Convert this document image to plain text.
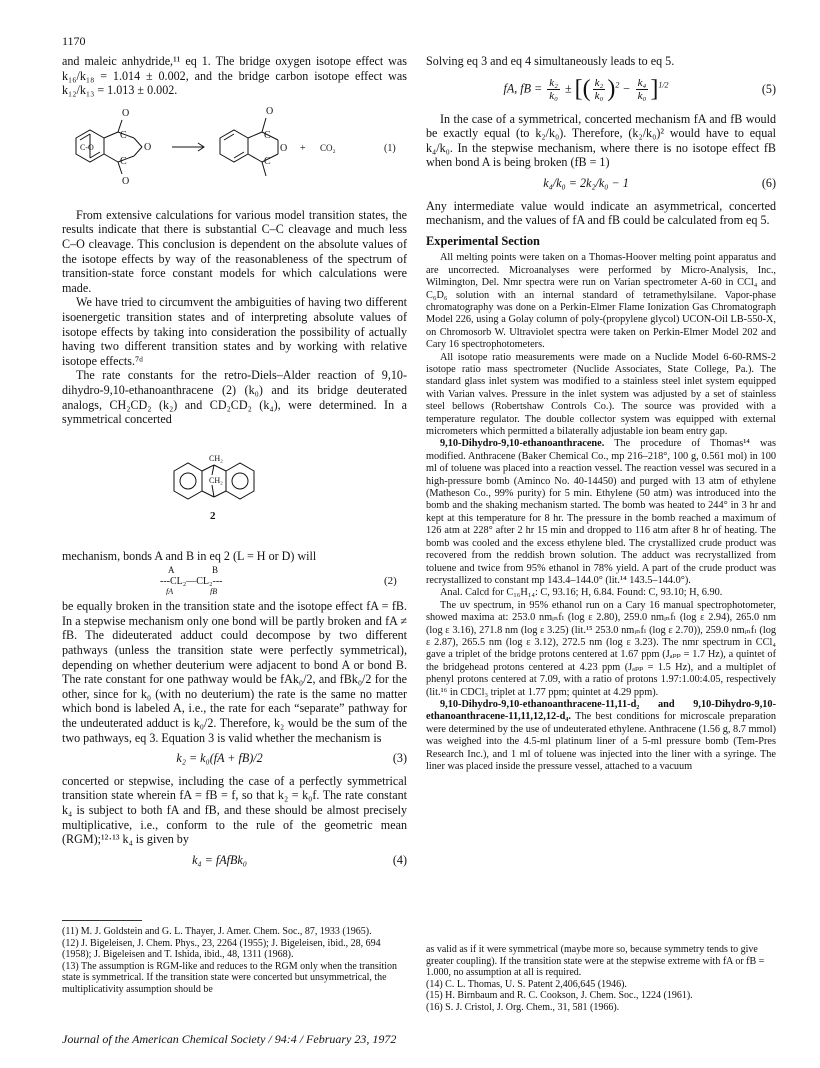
1170

and maleic anhydride,¹¹ eq 1. The bridge oxygen isotope effect was k₁₆/k₁₈ = 1.014 ± 0.002, and the bridge carbon isotope effect was k₁₂/k₁₃ = 1.013 ± 0.002.

O
C
O
C
C-O
O
C
O
C
O + CO₂	(1)

From extensive calculations for various model transition states, the results indicate that there is substantial C–C cleavage and much less C–O cleavage. This conclusion is dependent on the absolute values of the isotope effects by way of the reasonableness of the spectrum of transition-state force constant models for which calculations were made.

We have tried to circumvent the ambiguities of having two different isoenergetic transition states and of interpreting absolute values of isotope effects by taking into consideration the possibility of actually having two different transition states and by working with relative isotope effects.⁷ᵈ

The rate constants for the retro-Diels–Alder reaction of 9,10-dihydro-9,10-ethanoanthracene (2) (k₀) and its bridge deuterated analogs, CH₂CD₂ (k₂) and CD₂CD₂ (k₄), were determined. In a symmetrical concerted

CH₂
CH₂
2

mechanism, bonds A and B in eq 2 (L = H or D) will

A	B
---CL₂—CL₂---
fA	fB
(2)

be equally broken in the transition state and the isotope effect fA = fB. In a stepwise mechanism only one bond will be partly broken and fA ≠ fB. The dideuterated adduct could decompose by two different pathways (unless the transition state were perfectly symmetrical), depending on whether deuterium were adjacent to bond A or bond B. The rate constant for one pathway would be fAk₀/2, and fBk₀/2 for the other, since for k₀ (with no deuterium) the rate is the same no matter which bond is labeled A, i.e., the rate for each “separate” pathway for the undeuterated adduct is k₀/2. Therefore, k₂ would be the sum of the two pathways, eq 3. Equation 3 is valid whether the mechanism is

k₂ = k₀(fA + fB)/2	(3)

concerted or stepwise, including the case of a perfectly symmetrical transition state wherein fA = fB = f, so that k₂ = k₀f. The rate constant k₄ is subject to both fA and fB, and these should be almost precisely multiplicative, i.e., conform to the rule of the geometric mean (RGM);¹²·¹³ k₄ is given by

k₄ = fAfBk₀	(4)

(11) M. J. Goldstein and G. L. Thayer, J. Amer. Chem. Soc., 87, 1933 (1965).

(12) J. Bigeleisen, J. Chem. Phys., 23, 2264 (1955); J. Bigeleisen, ibid., 28, 694 (1958); J. Bigeleisen and T. Ishida, ibid., 48, 1311 (1968).

(13) The assumption is RGM-like and reduces to the RGM only when the transition state is symmetrical. If the transition state were concerted but unsymmetrical, the multiplicativity assumption should be

Solving eq 3 and eq 4 simultaneously leads to eq 5.

fA, fB = $\frac{\text{k₂}}{\text{k₀}}$ ± [( $\frac{\text{k₂}}{\text{k₀}} )^2 - \frac{\text{k₄}}{\text{k₀}} ]^{1/2}$	(5)

In the case of a symmetrical, concerted mechanism fA and fB would be exactly equal (to k₂/k₀). Therefore, (k₂/k₀)² would have to equal k₄/k₀. In the stepwise mechanism, where there is no isotope effect fB when bond A is being broken (fB = 1)

k₄/k₀ = 2k₂/k₀ − 1	(6)

Any intermediate value would indicate an asymmetrical, concerted mechanism, and the values of fA and fB could be calculated from eq 5.

Experimental Section

All melting points were taken on a Thomas-Hoover melting point apparatus and are uncorrected. Microanalyses were performed by Micro-Analysis, Inc., Wilmington, Del. Nmr spectra were run on Varian spectrometer A-60 in CCl₄ and C₆D₆ solution with an internal standard of tetramethylsilane. Vapor-phase chromatography was done on a Perkin-Elmer Flame Ionization Gas Chromatograph Model 226, using a Golay column of poly-(propylene glycol) UCON-Oil LB-550-X, on Chromosorb W. Ultraviolet spectra were taken on Perkin-Elmer Model 202 and Cary 16 spectrophotometers.

All isotope ratio measurements were made on a Nuclide Model 6-60-RMS-2 isotope ratio mass spectrometer (Nuclide Associates, State College, Pa.). The standard glass inlet system was modified to a stainless steel inlet system equipped with Varian valves. Pressure in the inlet system was adjusted by a set of stainless steel bellows (Robertshaw Controls Co.). The source was provided with a temperature regulator. The double collector system was equipped with external micrometers which permitted a bilaterally adjustable ion beam entry gap.

9,10-Dihydro-9,10-ethanoanthracene. The procedure of Thomas¹⁴ was modified. Anthracene (Baker Chemical Co., mp 216–218°, 100 g, 0.561 mol) in 100 ml of toluene was placed into a reaction vessel. The reaction vessel was secured in a high-pressure bomb (Aminco No. 40-14450) and purged with 13 atm of ethylene (Matheson Co., 99% purity) for 5 min. Ethylene (50 atm) was introduced into the bomb and the shaking mechanism started. The bomb was heated to 244° in 3 hr and kept at this temperature for 8 hr. The pressure in the bomb reached a maximum of 126 atm at 228° after 2 hr 15 min and dropped to 116 atm after 8 hr of heating. The bomb was cooled and the excess ethylene bled. The crystallized crude product was recovered from the reddish brown solution. The adduct was recrystallized from toluene and twice from 95% ethanol in 78% yield. A part of the crude product was recrystallized to constant mp 143.4–144.0° (lit.¹⁴ 143.5–144.0°).

Anal. Calcd for C₁₆H₁₄: C, 93.16; H, 6.84. Found: C, 93.10; H, 6.90.

The uv spectrum, in 95% ethanol run on a Cary 16 manual spectrophotometer, showed maxima at: 253.0 nmᵢₙfₗ (log ε 2.80), 259.0 nmᵢₙfₗ (log ε 2.94), 265.0 nm (log ε 3.16), 271.8 nm (log ε 3.25) (lit.¹⁵ 253.0 nmᵢₙfₗ (log ε 2.70)), 259.0 nmᵢₙfₗ (log ε 2.87), 265.5 nm (log ε 3.12), 272.5 nm (log ε 3.23). The nmr spectrum in CCl₄ gave a triplet of the bridge protons centered at 1.67 ppm (Jₐₚₚ = 1.7 Hz), a quintet of the bridgehead protons centered at 4.23 ppm (Jₐₚₚ = 1.5 Hz), and a multiplet of phenyl protons centered at 7.09, with a ratio of protons 1.97:1.00:4.05, respectively (lit.¹⁶ in CDCl₃ triplet at 1.77 ppm; quintet at 4.29 ppm).

9,10-Dihydro-9,10-ethanoanthracene-11,11-d₂ and 9,10-Dihydro-9,10-ethanoanthracene-11,11,12,12-d₄. The best conditions for microscale preparation were determined by the use of undeuterated ethylene. Anthracene (1.56 g, 8.7 mmol) was weighed into the 4.5-ml platinum liner of a 5-ml pressure bomb (Tem-Pres Research Inc.), and 1 ml of toluene was injected into the liner with a syringe. The liner was placed inside the pressure vessel, attached to a vacuum

as valid as if it were symmetrical (maybe more so, because symmetry tends to give greater coupling). If the transition state were at the stepwise extreme with fA or fB = 1.000, no assumption at all is required.

(14) C. L. Thomas, U. S. Patent 2,406,645 (1946).

(15) H. Birnbaum and R. C. Cookson, J. Chem. Soc., 1224 (1961).

(16) S. J. Cristol, J. Org. Chem., 31, 581 (1966).

Journal of the American Chemical Society / 94:4 / February 23, 1972
